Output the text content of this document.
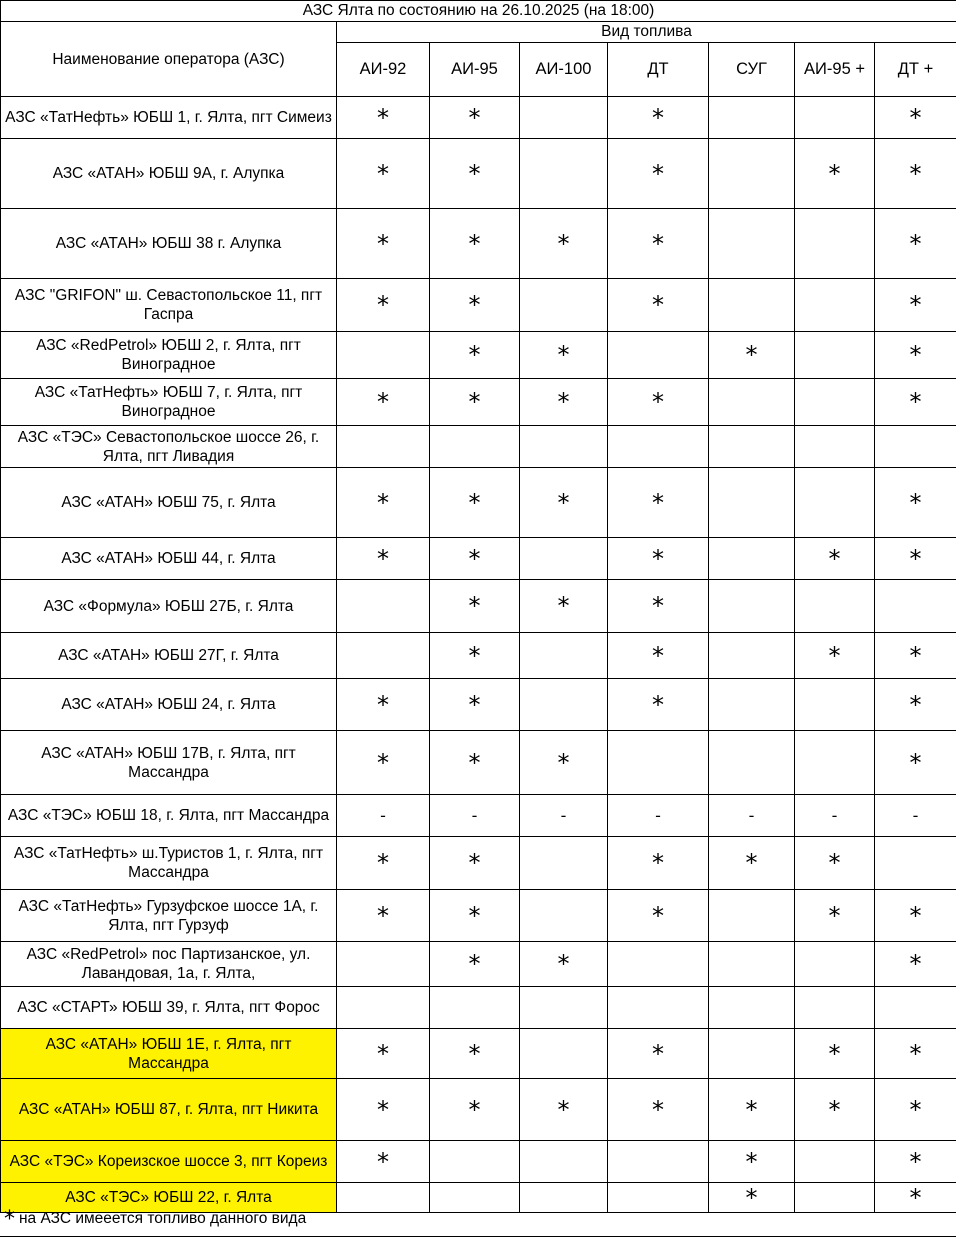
АЗС Ялта по состоянию на 26.10.2025 (на 18:00)							
Наименование оператора (АЗС)	Вид топлива						
	АИ-92	АИ-95	АИ-100	ДТ	СУГ	АИ-95 +	ДТ +
АЗС «ТатНефть» ЮБШ 1, г. Ялта, пгт Симеиз	*	*		*			*
АЗС «АТАН» ЮБШ 9А, г. Алупка	*	*		*		*	*
АЗС «АТАН» ЮБШ 38 г. Алупка	*	*	*	*			*
АЗС "GRIFON" ш. Севастопольское 11, пгт Гаспра	*	*		*			*
АЗС «RedPetrol» ЮБШ 2, г. Ялта, пгт Виноградное		*	*		*		*
АЗС «ТатНефть» ЮБШ 7, г. Ялта, пгт Виноградное	*	*	*	*			*
АЗС «ТЭС» Севастопольское шоссе 26, г. Ялта, пгт Ливадия							
АЗС «АТАН» ЮБШ 75, г. Ялта	*	*	*	*			*
АЗС «АТАН» ЮБШ 44, г. Ялта	*	*		*		*	*
АЗС «Формула» ЮБШ 27Б, г. Ялта		*	*	*			
АЗС «АТАН» ЮБШ 27Г, г. Ялта		*		*		*	*
АЗС «АТАН» ЮБШ 24, г. Ялта	*	*		*			*
АЗС «АТАН» ЮБШ 17В, г. Ялта, пгт Массандра	*	*	*				*
АЗС «ТЭС» ЮБШ 18, г. Ялта, пгт Массандра	-	-	-	-	-	-	-
АЗС «ТатНефть» ш.Туристов 1, г. Ялта, пгт Массандра	*	*		*	*	*	
АЗС «ТатНефть» Гурзуфское шоссе 1А, г. Ялта, пгт Гурзуф	*	*		*		*	*
АЗС «RedPetrol» пос Партизанское, ул. Лавандовая, 1а, г. Ялта,		*	*				*
АЗС «СТАРТ» ЮБШ 39, г. Ялта, пгт Форос							
АЗС «АТАН» ЮБШ 1Е, г. Ялта, пгт Массандра	*	*		*		*	*
АЗС «АТАН» ЮБШ 87, г. Ялта, пгт Никита	*	*	*	*	*	*	*
АЗС «ТЭС» Кореизское шоссе 3, пгт Кореиз	*				*		*
АЗС «ТЭС» ЮБШ 22, г. Ялта					*		*
* на АЗС имееется топливо данного вида
